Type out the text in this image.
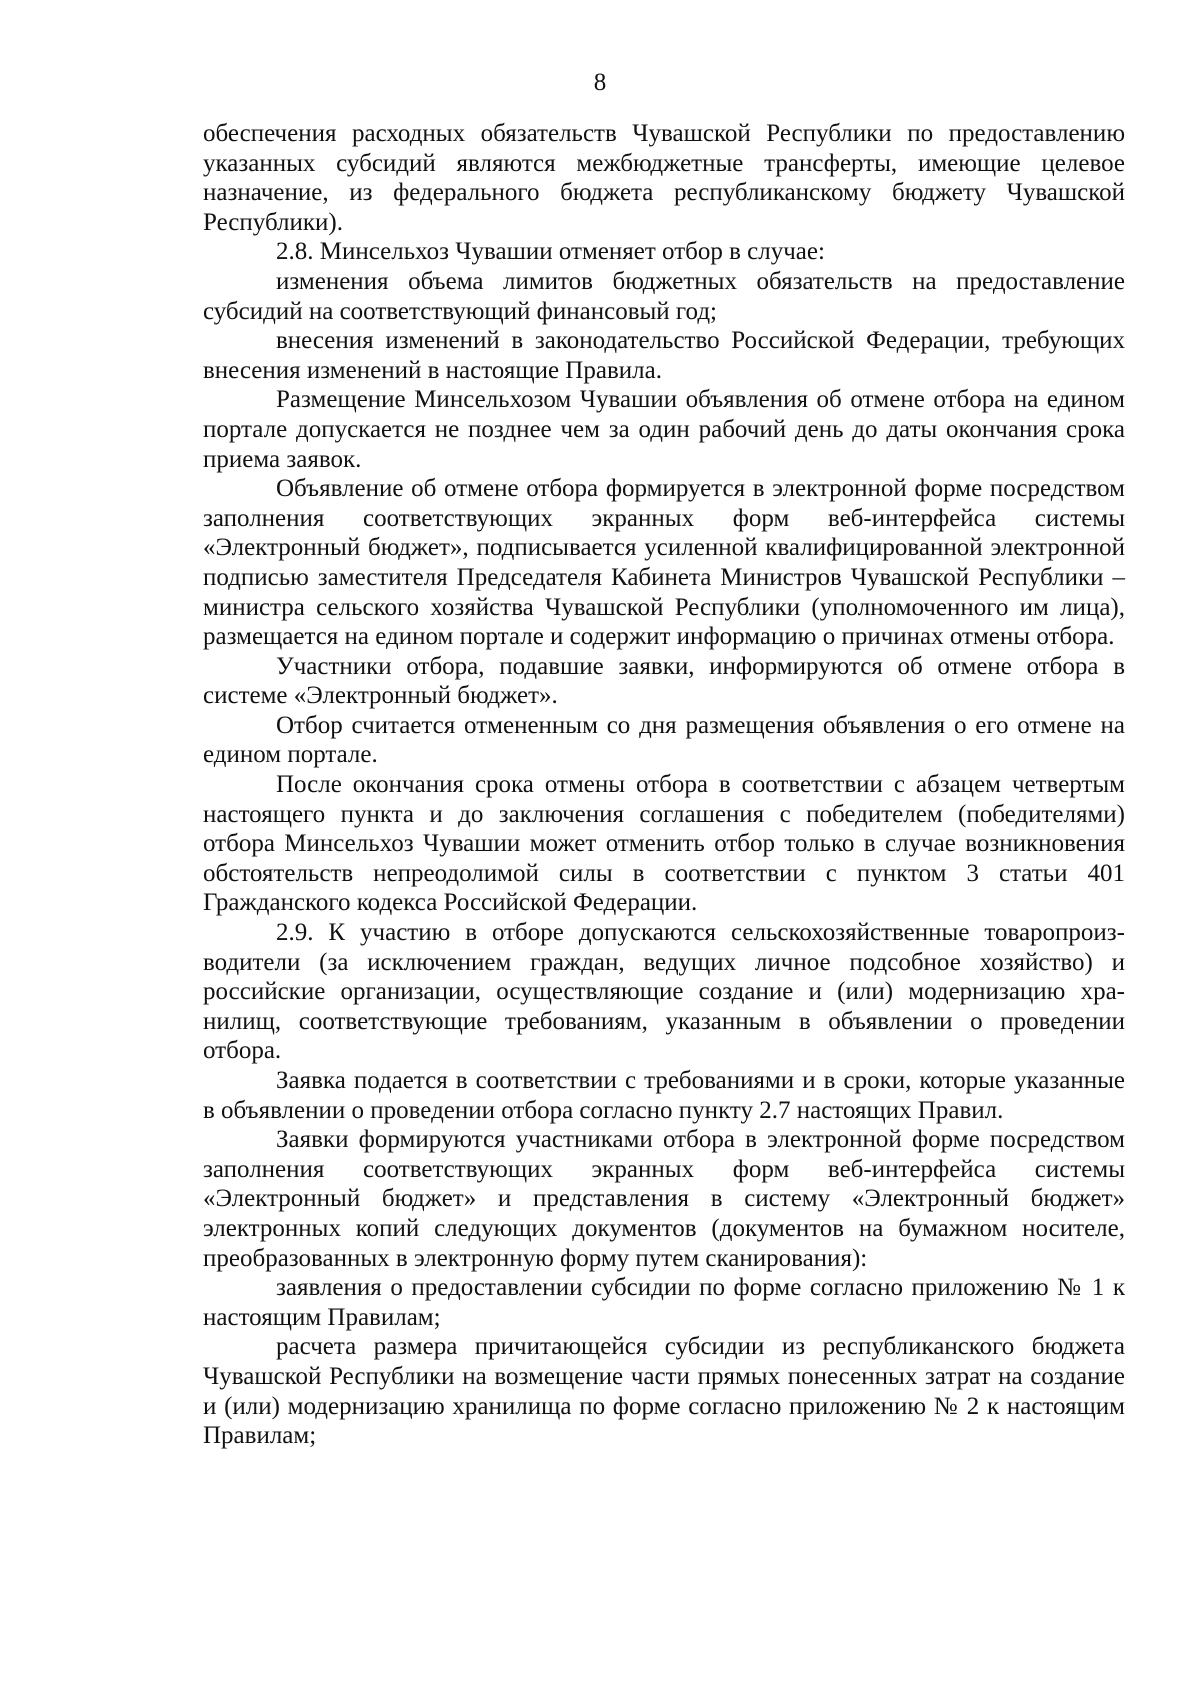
8

обеспечения расходных обязательств Чувашской Республики по предоставлению указанных субсидий являются межбюджетные трансферты, имеющие целевое назначение, из федерального бюджета республиканскому бюджету Чувашской Республики).

2.8. Минсельхоз Чувашии отменяет отбор в случае:

изменения объема лимитов бюджетных обязательств на предоставление субсидий на соответствующий финансовый год;

внесения изменений в законодательство Российской Федерации, требующих внесения изменений в настоящие Правила.

Размещение Минсельхозом Чувашии объявления об отмене отбора на едином портале допускается не позднее чем за один рабочий день до даты окончания срока приема заявок.

Объявление об отмене отбора формируется в электронной форме посредством заполнения соответствующих экранных форм веб-интерфейса системы «Электронный бюджет», подписывается усиленной квалифицированной электронной подписью заместителя Председателя Кабинета Министров Чувашской Республики – министра сельского хозяйства Чувашской Республики (уполномоченного им лица), размещается на едином портале и содержит информацию о причинах отмены отбора.

Участники отбора, подавшие заявки, информируются об отмене отбора в системе «Электронный бюджет».

Отбор считается отмененным со дня размещения объявления о его отмене на едином портале.

После окончания срока отмены отбора в соответствии с абзацем четвертым настоящего пункта и до заключения соглашения с победителем (победителями) отбора Минсельхоз Чувашии может отменить отбор только в случае возникновения обстоятельств непреодолимой силы в соответствии с пунктом 3 статьи 401 Гражданского кодекса Российской Федерации.

2.9. К участию в отборе допускаются сельскохозяйственные товаропроизводители (за исключением граждан, ведущих личное подсобное хозяйство) и российские организации, осуществляющие создание и (или) модернизацию хранилищ, соответствующие требованиям, указанным в объявлении о проведении отбора.

Заявка подается в соответствии с требованиями и в сроки, которые указанные в объявлении о проведении отбора согласно пункту 2.7 настоящих Правил.

Заявки формируются участниками отбора в электронной форме посредством заполнения соответствующих экранных форм веб-интерфейса системы «Электронный бюджет» и представления в систему «Электронный бюджет» электронных копий следующих документов (документов на бумажном носителе, преобразованных в электронную форму путем сканирования):

заявления о предоставлении субсидии по форме согласно приложению № 1 к настоящим Правилам;

расчета размера причитающейся субсидии из республиканского бюджета Чувашской Республики на возмещение части прямых понесенных затрат на создание и (или) модернизацию хранилища по форме согласно приложению № 2 к настоящим Правилам;
